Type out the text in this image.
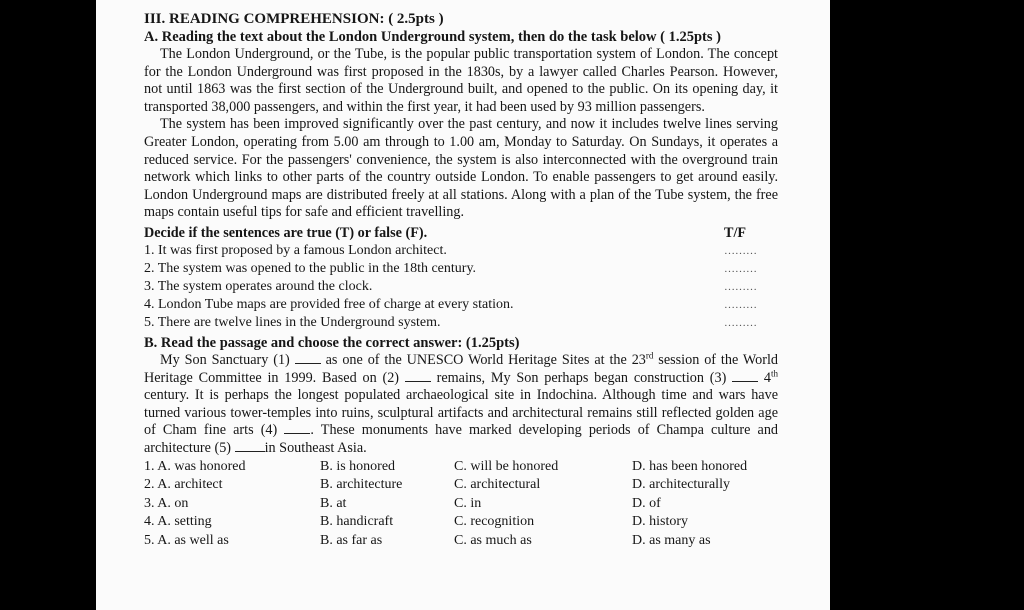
III. READING COMPREHENSION: ( 2.5pts )
A. Reading the text about the London Underground system, then do the task below ( 1.25pts )

The London Underground, or the Tube, is the popular public transportation system of London. The concept for the London Underground was first proposed in the 1830s, by a lawyer called Charles Pearson. However, not until 1863 was the first section of the Underground built, and opened to the public. On its opening day, it transported 38,000 passengers, and within the first year, it had been used by 93 million passengers.

The system has been improved significantly over the past century, and now it includes twelve lines serving Greater London, operating from 5.00 am through to 1.00 am, Monday to Saturday. On Sundays, it operates a reduced service. For the passengers' convenience, the system is also interconnected with the overground train network which links to other parts of the country outside London. To enable passengers to get around easily. London Underground maps are distributed freely at all stations. Along with a plan of the Tube system, the free maps contain useful tips for safe and efficient travelling.

Decide if the sentences are true (T) or false (F).	T/F
1. It was first proposed by a famous London architect.	………
2. The system was opened to the public in the 18th century.	………
3. The system operates around the clock.	………
4. London Tube maps are provided free of charge at every station.	………
5. There are twelve lines in the Underground system.	………
B. Read the passage and choose the correct answer: (1.25pts)

My Son Sanctuary (1)	as one of the UNESCO World Heritage Sites at the 23rd session of the World Heritage Committee in 1999. Based on (2)	remains, My Son perhaps began construction (3)	4th century. It is perhaps the longest populated archaeological site in Indochina. Although time and wars have turned various tower-temples into ruins, sculptural artifacts and architectural remains still reflected golden age of Cham fine arts (4) . These monuments have marked developing periods of Champa culture and architecture (5) in Southeast Asia.

1. A. was honored	B. is honored	C. will be honored	D. has been honored
2. A. architect	B. architecture	C. architectural	D. architecturally
3. A. on	B. at	C. in	D. of
4. A. setting	B. handicraft	C. recognition	D. history
5. A. as well as	B. as far as	C. as much as	D. as many as
